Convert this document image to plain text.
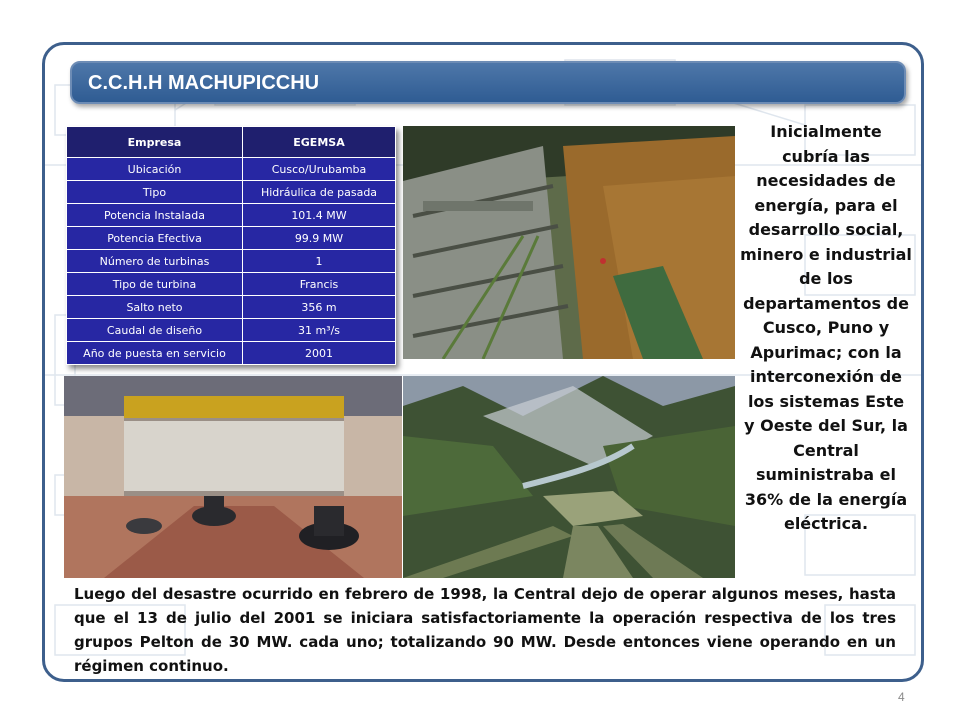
C.C.H.H MACHUPICCHU
Empresa	EGEMSA
Ubicación	Cusco/Urubamba
Tipo	Hidráulica de pasada
Potencia Instalada	101.4 MW
Potencia Efectiva	99.9 MW
Número de turbinas	1
Tipo de turbina	Francis
Salto neto	356 m
Caudal de diseño	31 m³/s
Año de puesta en servicio	2001
Inicialmente cubría las necesidades de energía, para el desarrollo social, minero e industrial de los departamentos de Cusco, Puno y Apurimac; con la interconexión de los sistemas Este y Oeste del Sur, la Central suministraba el 36% de la energía eléctrica.
Luego del desastre ocurrido en febrero de 1998, la Central dejo de operar algunos meses, hasta que el 13 de julio del 2001 se iniciara satisfactoriamente la operación respectiva de los tres grupos Pelton de 30 MW. cada uno; totalizando 90 MW. Desde entonces viene operando en un régimen continuo.
4
